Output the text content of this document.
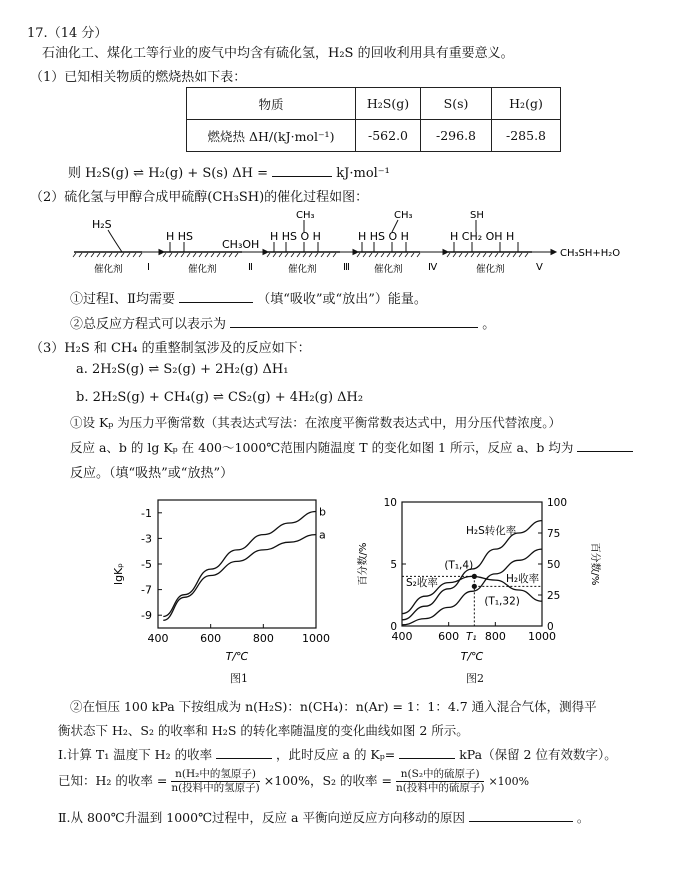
17.（14 分）
石油化工、煤化工等行业的废气中均含有硫化氢，H₂S 的回收利用具有重要意义。
（1）已知相关物质的燃烧热如下表：
物质	H₂S(g)	S(s)	H₂(g)
燃烧热 ΔH/(kJ·mol⁻¹)	-562.0	-296.8	-285.8
则 H₂S(g) ⇌ H₂(g) + S(s) ΔH =	kJ·mol⁻¹
（2）硫化氢与甲醇合成甲硫醇(CH₃SH)的催化过程如图：
H₂S
H HS
CH₃OH
CH₃
H HS O H
CH₃
H HS O H
SH
H CH₂ OH H
CH₃SH+H₂O
催化剂	催化剂	催化剂	催化剂	催化剂
Ⅰ	Ⅱ	Ⅲ	Ⅳ	Ⅴ
①过程Ⅰ、Ⅱ均需要	（填“吸收”或“放出”）能量。
②总反应方程式可以表示为	。
（3）H₂S 和 CH₄ 的重整制氢涉及的反应如下：
a. 2H₂S(g) ⇌ S₂(g) + 2H₂(g) ΔH₁
b. 2H₂S(g) + CH₄(g) ⇌ CS₂(g) + 4H₂(g) ΔH₂
①设 Kₚ 为压力平衡常数（其表达式写法：在浓度平衡常数表达式中，用分压代替浓度。）
反应 a、b 的 lg Kₚ 在 400～1000℃范围内随温度 T 的变化如图 1 所示，反应 a、b 均为
反应。（填“吸热”或“放热”）
400	600	800	1000
-1
-3
-5
-7
-9
a
b
lgKₚ
T/℃
图1
400 600 800 1000
0
5
10
0
25
50
75
100
H₂S转化率
S₂收率	H₂收率
(T₁,4)
(T₁,32)
T₁
百分数/%	百分数/%
T/℃
图2
②在恒压 100 kPa 下按组成为 n(H₂S)：n(CH₄)：n(Ar) = 1：1：4.7 通入混合气体，测得平
衡状态下 H₂、S₂ 的收率和 H₂S 的转化率随温度的变化曲线如图 2 所示。
Ⅰ.计算 T₁ 温度下 H₂ 的收率	，此时反应 a 的 Kₚ=	kPa（保留 2 位有效数字）。
已知：H₂ 的收率 = $\frac{\text{n(H₂中的氢原子)}}{\text{n(投料中的氢原子)}} \times 100\%$，S₂ 的收率 = $\frac{\text{n(S₂中的硫原子)}}{\text{n(投料中的硫原子)}} \times 100\%$
Ⅱ.从 800℃升温到 1000℃过程中，反应 a 平衡向逆反应方向移动的原因	。
